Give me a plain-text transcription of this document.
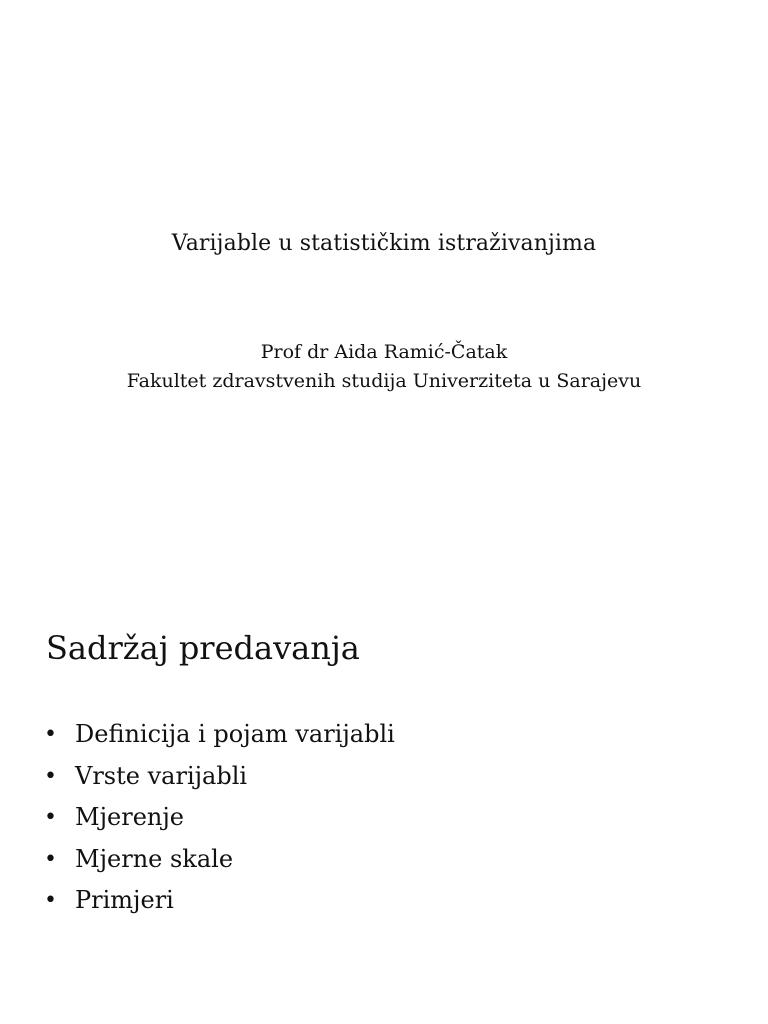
Varijable u statističkim istraživanjima
Prof dr Aida Ramić-Čatak
Fakultet zdravstvenih studija Univerziteta u Sarajevu
Sadržaj predavanja
• Definicija i pojam varijabli
• Vrste varijabli
• Mjerenje
• Mjerne skale
• Primjeri
